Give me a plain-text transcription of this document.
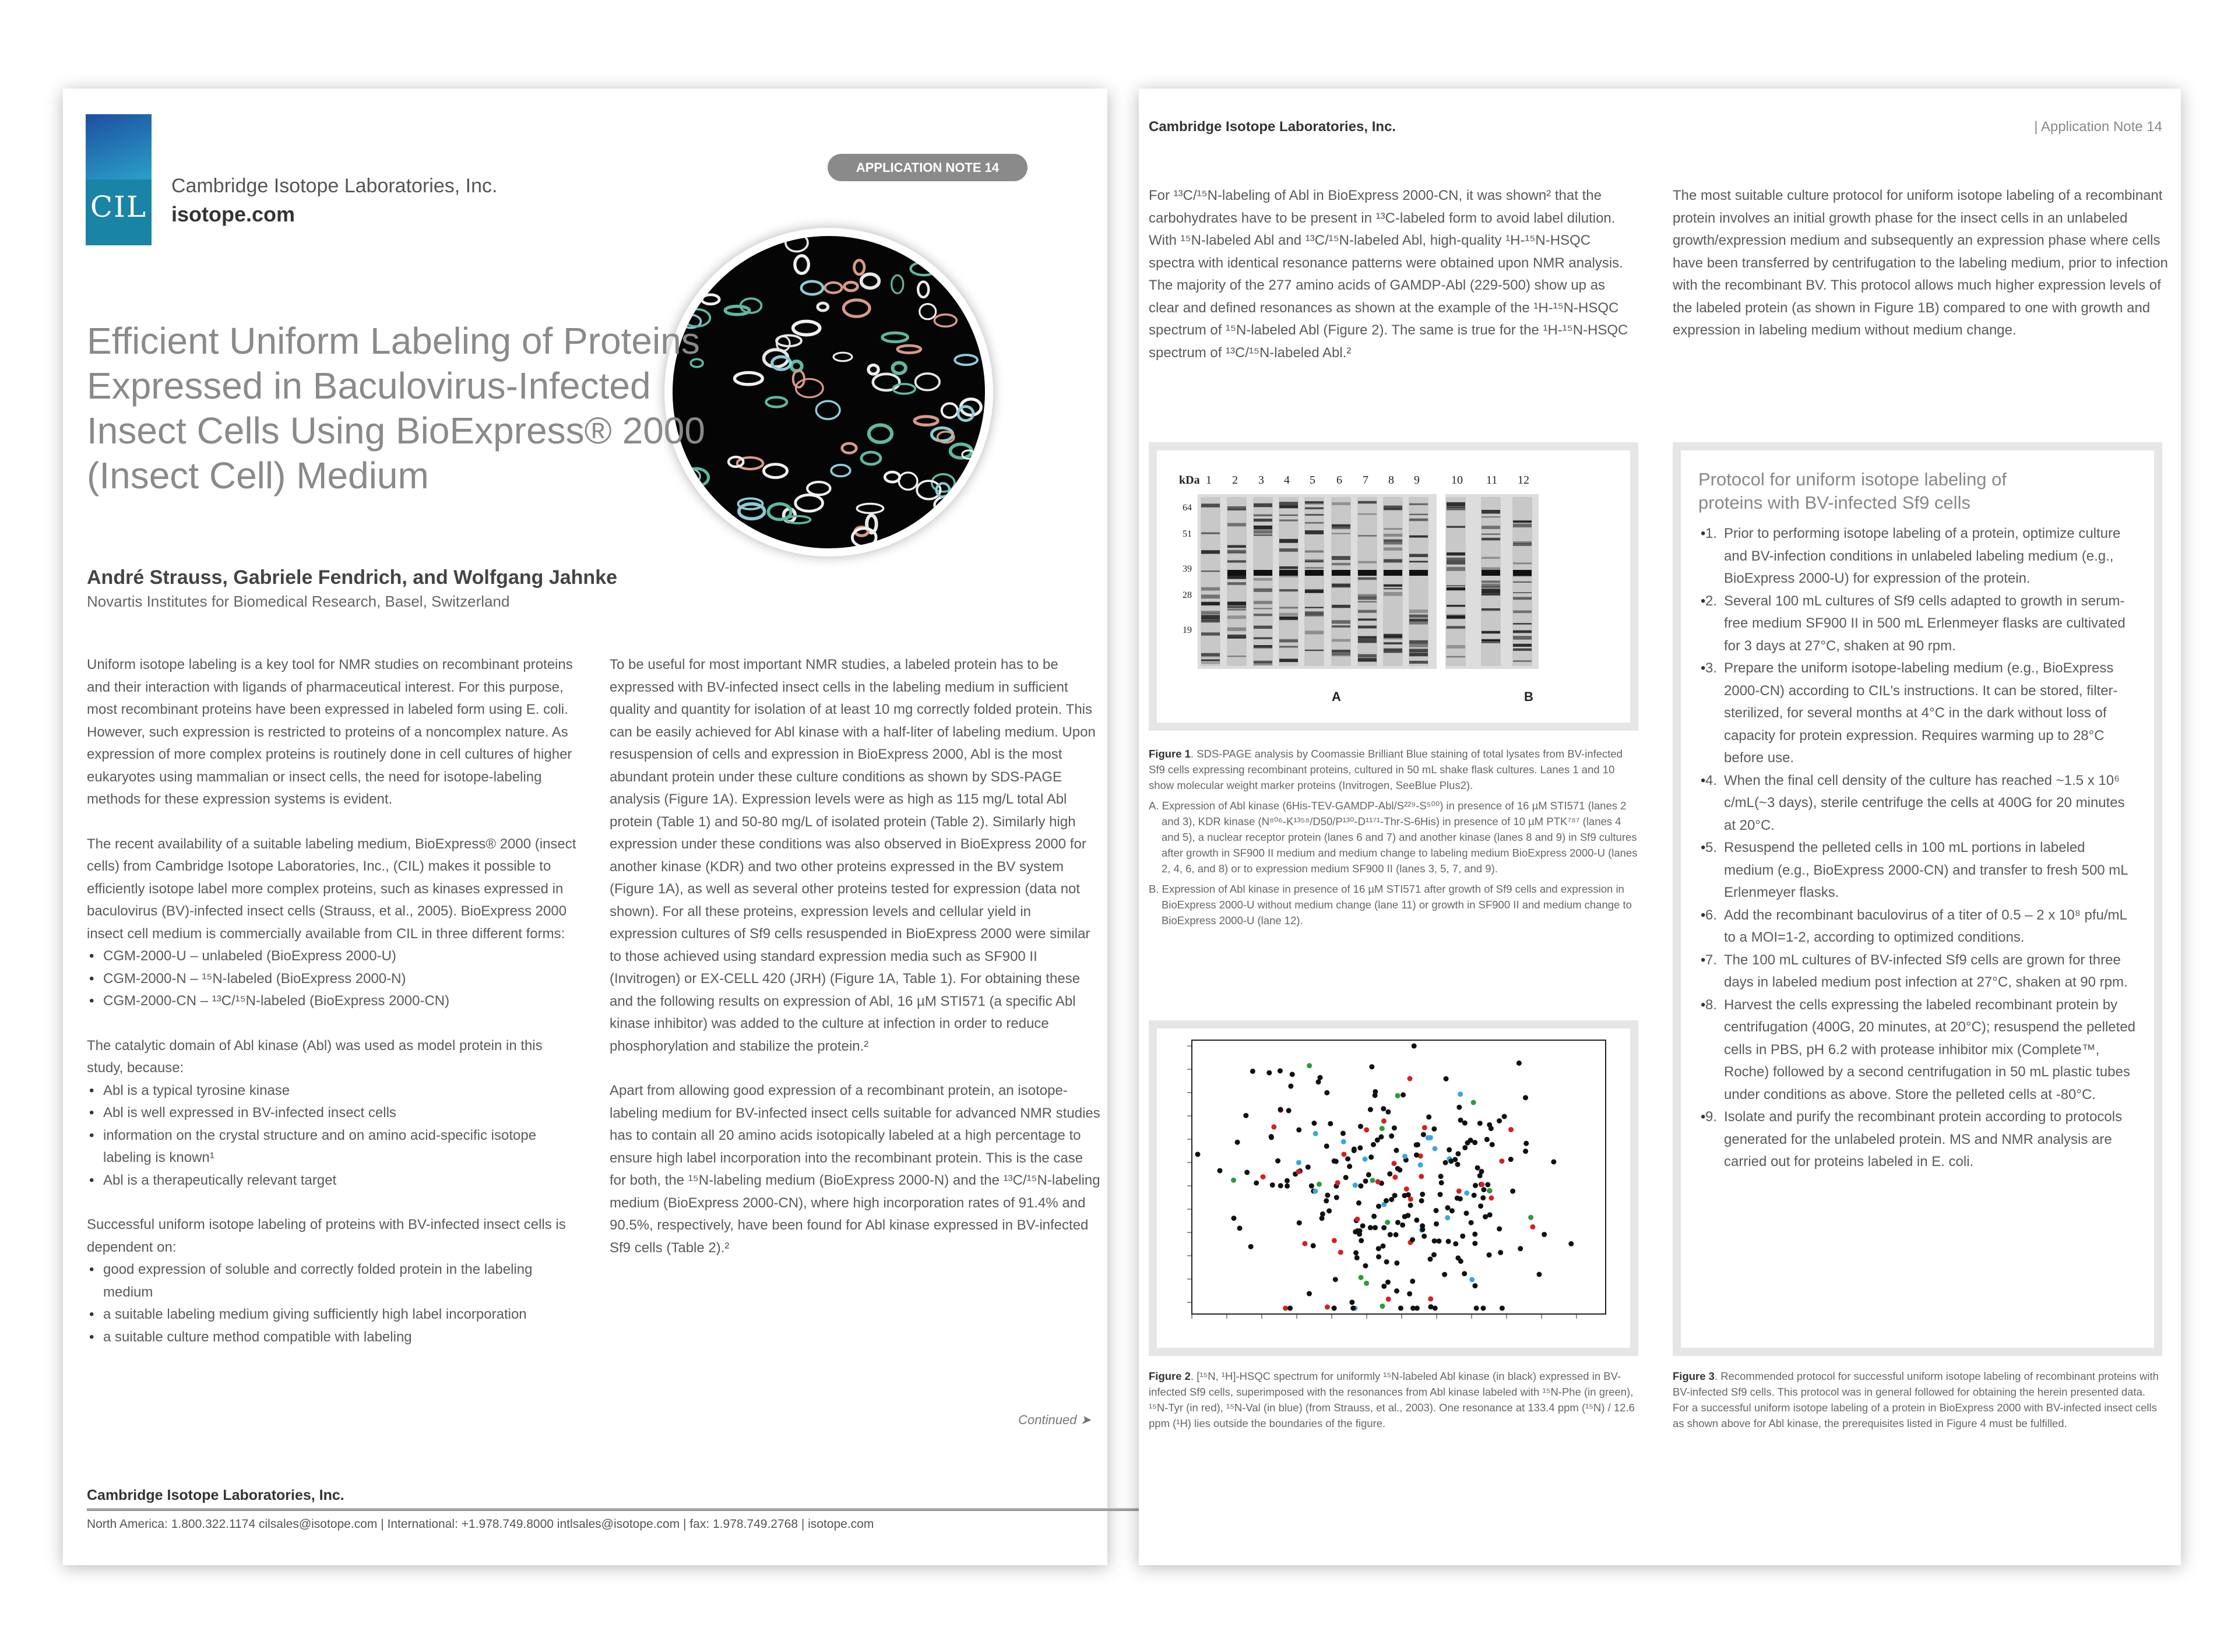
CIL
Cambridge Isotope Laboratories, Inc.
isotope.com
APPLICATION NOTE 14
Efficient Uniform Labeling of Proteins Expressed in Baculovirus-Infected Insect Cells Using BioExpress® 2000 (Insect Cell) Medium
André Strauss, Gabriele Fendrich, and Wolfgang Jahnke
Novartis Institutes for Biomedical Research, Basel, Switzerland

Uniform isotope labeling is a key tool for NMR studies on recombinant proteins and their interaction with ligands of pharmaceutical interest. For this purpose, most recombinant proteins have been expressed in labeled form using E. coli. However, such expression is restricted to proteins of a noncomplex nature. As expression of more complex proteins is routinely done in cell cultures of higher eukaryotes using mammalian or insect cells, the need for isotope-labeling methods for these expression systems is evident.

The recent availability of a suitable labeling medium, BioExpress® 2000 (insect cells) from Cambridge Isotope Laboratories, Inc., (CIL) makes it possible to efficiently isotope label more complex proteins, such as kinases expressed in baculovirus (BV)-infected insect cells (Strauss, et al., 2005). BioExpress 2000 insect cell medium is commercially available from CIL in three different forms:

• CGM-2000-U – unlabeled (BioExpress 2000-U)
• CGM-2000-N – ¹⁵N-labeled (BioExpress 2000-N)
• CGM-2000-CN – ¹³C/¹⁵N-labeled (BioExpress 2000-CN)

The catalytic domain of Abl kinase (Abl) was used as model protein in this study, because:

• Abl is a typical tyrosine kinase
• Abl is well expressed in BV-infected insect cells
• information on the crystal structure and on amino acid-specific isotope labeling is known¹
• Abl is a therapeutically relevant target

Successful uniform isotope labeling of proteins with BV-infected insect cells is dependent on:

• good expression of soluble and correctly folded protein in the labeling medium
• a suitable labeling medium giving sufficiently high label incorporation
• a suitable culture method compatible with labeling

To be useful for most important NMR studies, a labeled protein has to be expressed with BV-infected insect cells in the labeling medium in sufficient quality and quantity for isolation of at least 10 mg correctly folded protein. This can be easily achieved for Abl kinase with a half-liter of labeling medium. Upon resuspension of cells and expression in BioExpress 2000, Abl is the most abundant protein under these culture conditions as shown by SDS-PAGE analysis (Figure 1A). Expression levels were as high as 115 mg/L total Abl protein (Table 1) and 50-80 mg/L of isolated protein (Table 2). Similarly high expression under these conditions was also observed in BioExpress 2000 for another kinase (KDR) and two other proteins expressed in the BV system (Figure 1A), as well as several other proteins tested for expression (data not shown). For all these proteins, expression levels and cellular yield in expression cultures of Sf9 cells resuspended in BioExpress 2000 were similar to those achieved using standard expression media such as SF900 II (Invitrogen) or EX-CELL 420 (JRH) (Figure 1A, Table 1). For obtaining these and the following results on expression of Abl, 16 µM STI571 (a specific Abl kinase inhibitor) was added to the culture at infection in order to reduce phosphorylation and stabilize the protein.²

Apart from allowing good expression of a recombinant protein, an isotope-labeling medium for BV-infected insect cells suitable for advanced NMR studies has to contain all 20 amino acids isotopically labeled at a high percentage to ensure high label incorporation into the recombinant protein. This is the case for both, the ¹⁵N-labeling medium (BioExpress 2000-N) and the ¹³C/¹⁵N-labeling medium (BioExpress 2000-CN), where high incorporation rates of 91.4% and 90.5%, respectively, have been found for Abl kinase expressed in BV-infected Sf9 cells (Table 2).²

Continued ➤
Cambridge Isotope Laboratories, Inc.
North America: 1.800.322.1174 cilsales@isotope.com | International: +1.978.749.8000 intlsales@isotope.com | fax: 1.978.749.2768 | isotope.com
Cambridge Isotope Laboratories, Inc.	| Application Note 14
For ¹³C/¹⁵N-labeling of Abl in BioExpress 2000-CN, it was shown² that the carbohydrates have to be present in ¹³C-labeled form to avoid label dilution. With ¹⁵N-labeled Abl and ¹³C/¹⁵N-labeled Abl, high-quality ¹H-¹⁵N-HSQC spectra with identical resonance patterns were obtained upon NMR analysis. The majority of the 277 amino acids of GAMDP-Abl (229-500) show up as clear and defined resonances as shown at the example of the ¹H-¹⁵N-HSQC spectrum of ¹⁵N-labeled Abl (Figure 2). The same is true for the ¹H-¹⁵N-HSQC spectrum of ¹³C/¹⁵N-labeled Abl.²
The most suitable culture protocol for uniform isotope labeling of a recombinant protein involves an initial growth phase for the insect cells in an unlabeled growth/expression medium and subsequently an expression phase where cells have been transferred by centrifugation to the labeling medium, prior to infection with the recombinant BV. This protocol allows much higher expression levels of the labeled protein (as shown in Figure 1B) compared to one with growth and expression in labeling medium without medium change.
kDa 1 2 3 4 5 6 7 8 9	10 11 12
64
51
39
28
19
A	B

Figure 1. SDS-PAGE analysis by Coomassie Brilliant Blue staining of total lysates from BV-infected Sf9 cells expressing recombinant proteins, cultured in 50 mL shake flask cultures. Lanes 1 and 10 show molecular weight marker proteins (Invitrogen, SeeBlue Plus2).

A. Expression of Abl kinase (6His-TEV-GAMDP-Abl/S²²⁹-S⁵⁰⁰) in presence of 16 µM STI571 (lanes 2 and 3), KDR kinase (N⁸⁰⁶-K¹³⁵⁸/D50/P¹³⁰-D¹¹⁷¹-Thr-S-6His) in presence of 10 µM PTK⁷⁸⁷ (lanes 4 and 5), a nuclear receptor protein (lanes 6 and 7) and another kinase (lanes 8 and 9) in Sf9 cultures after growth in SF900 II medium and medium change to labeling medium BioExpress 2000-U (lanes 2, 4, 6, and 8) or to expression medium SF900 II (lanes 3, 5, 7, and 9).

B. Expression of Abl kinase in presence of 16 µM STI571 after growth of Sf9 cells and expression in BioExpress 2000-U without medium change (lane 11) or growth in SF900 II and medium change to BioExpress 2000-U (lane 12).

Figure 2. [¹⁵N, ¹H]-HSQC spectrum for uniformly ¹⁵N-labeled Abl kinase (in black) expressed in BV-infected Sf9 cells, superimposed with the resonances from Abl kinase labeled with ¹⁵N-Phe (in green), ¹⁵N-Tyr (in red), ¹⁵N-Val (in blue) (from Strauss, et al., 2003). One resonance at 133.4 ppm (¹⁵N) / 12.6 ppm (¹H) lies outside the boundaries of the figure.
Protocol for uniform isotope labeling of proteins with BV-infected Sf9 cells
• 1. Prior to performing isotope labeling of a protein, optimize culture and BV-infection conditions in unlabeled labeling medium (e.g., BioExpress 2000-U) for expression of the protein.
• 2. Several 100 mL cultures of Sf9 cells adapted to growth in serum-free medium SF900 II in 500 mL Erlenmeyer flasks are cultivated for 3 days at 27°C, shaken at 90 rpm.
• 3. Prepare the uniform isotope-labeling medium (e.g., BioExpress 2000-CN) according to CIL's instructions. It can be stored, filter-sterilized, for several months at 4°C in the dark without loss of capacity for protein expression. Requires warming up to 28°C before use.
• 4. When the final cell density of the culture has reached ~1.5 x 10⁶ c/mL(~3 days), sterile centrifuge the cells at 400G for 20 minutes at 20°C.
• 5. Resuspend the pelleted cells in 100 mL portions in labeled medium (e.g., BioExpress 2000-CN) and transfer to fresh 500 mL Erlenmeyer flasks.
• 6. Add the recombinant baculovirus of a titer of 0.5 – 2 x 10⁸ pfu/mL to a MOI=1-2, according to optimized conditions.
• 7. The 100 mL cultures of BV-infected Sf9 cells are grown for three days in labeled medium post infection at 27°C, shaken at 90 rpm.
• 8. Harvest the cells expressing the labeled recombinant protein by centrifugation (400G, 20 minutes, at 20°C); resuspend the pelleted cells in PBS, pH 6.2 with protease inhibitor mix (Complete™, Roche) followed by a second centrifugation in 50 mL plastic tubes under conditions as above. Store the pelleted cells at -80°C.
• 9. Isolate and purify the recombinant protein according to protocols generated for the unlabeled protein. MS and NMR analysis are carried out for proteins labeled in E. coli.
Figure 3. Recommended protocol for successful uniform isotope labeling of recombinant proteins with BV-infected Sf9 cells. This protocol was in general followed for obtaining the herein presented data. For a successful uniform isotope labeling of a protein in BioExpress 2000 with BV-infected insect cells as shown above for Abl kinase, the prerequisites listed in Figure 4 must be fulfilled.
